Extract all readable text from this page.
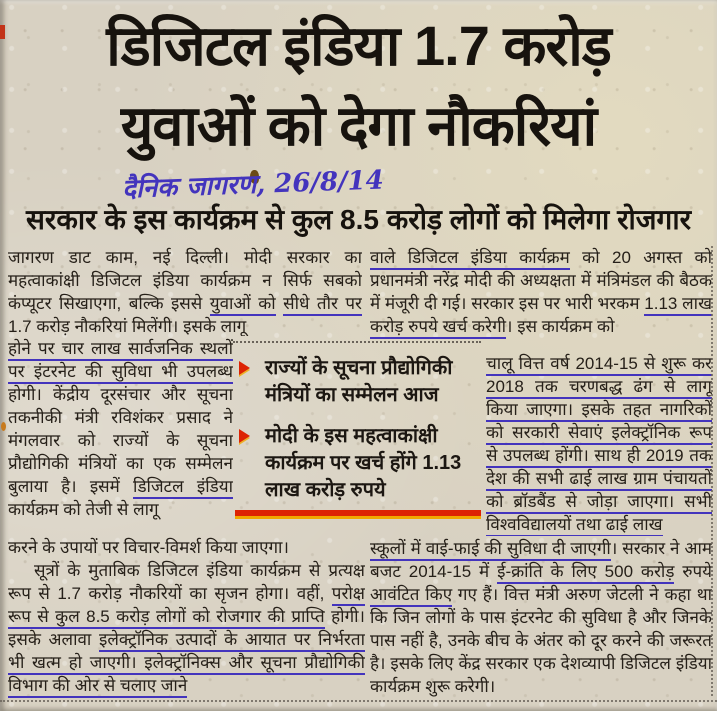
डिजिटल इंडिया 1.7 करोड़
युवाओं को देगा नौकरियां
दैनिक जागरण, 26/8/14
सरकार के इस कार्यक्रम से कुल 8.5 करोड़ लोगों को मिलेगा रोजगार

जागरण डाट काम, नई दिल्ली। मोदी सरकार का महत्वाकांक्षी डिजिटल इंडिया कार्यक्रम न सिर्फ सबको कंप्यूटर सिखाएगा, बल्कि इससे युवाओं को सीधे तौर पर 1.7 करोड़ नौकरियां मिलेंगी। इसके लागू

होने पर चार लाख सार्वजनिक स्थलों पर इंटरनेट की सुविधा भी उपलब्ध होगी। केंद्रीय दूरसंचार और सूचना तकनीकी मंत्री रविशंकर प्रसाद ने मंगलवार को राज्यों के सूचना प्रौद्योगिकी मंत्रियों का एक सम्मेलन बुलाया है। इसमें डिजिटल इंडिया कार्यक्रम को तेजी से लागू

करने के उपायों पर विचार-विमर्श किया जाएगा।

सूत्रों के मुताबिक डिजिटल इंडिया कार्यक्रम से प्रत्यक्ष रूप से 1.7 करोड़ नौकरियों का सृजन होगा। वहीं, परोक्ष रूप से कुल 8.5 करोड़ लोगों को रोजगार की प्राप्ति होगी। इसके अलावा इलेक्ट्रॉनिक उत्पादों के आयात पर निर्भरता भी खत्म हो जाएगी। इलेक्ट्रॉनिक्स और सूचना प्रौद्योगिकी विभाग की ओर से चलाए जाने

वाले डिजिटल इंडिया कार्यक्रम को 20 अगस्त को प्रधानमंत्री नरेंद्र मोदी की अध्यक्षता में मंत्रिमंडल की बैठक में मंजूरी दी गई। सरकार इस पर भारी भरकम 1.13 लाख करोड़ रुपये खर्च करेगी। इस कार्यक्रम को

चालू वित्त वर्ष 2014-15 से शुरू कर 2018 तक चरणबद्ध ढंग से लागू किया जाएगा। इसके तहत नागरिकों को सरकारी सेवाएं इलेक्ट्रॉनिक रूप से उपलब्ध होंगी। साथ ही 2019 तक देश की सभी ढाई लाख ग्राम पंचायतों को ब्रॉडबैंड से जोड़ा जाएगा। सभी विश्वविद्यालयों तथा ढाई लाख

स्कूलों में वाई-फाई की सुविधा दी जाएगी। सरकार ने आम बजट 2014-15 में ई-क्रांति के लिए 500 करोड़ रुपये आवंटित किए गए हैं। वित्त मंत्री अरुण जेटली ने कहा था कि जिन लोगों के पास इंटरनेट की सुविधा है और जिनके पास नहीं है, उनके बीच के अंतर को दूर करने की जरूरत है। इसके लिए केंद्र सरकार एक देशव्यापी डिजिटल इंडिया कार्यक्रम शुरू करेगी।

राज्यों के सूचना प्रौद्योगिकी मंत्रियों का सम्मेलन आज
मोदी के इस महत्वाकांक्षी कार्यक्रम पर खर्च होंगे 1.13 लाख करोड़ रुपये
